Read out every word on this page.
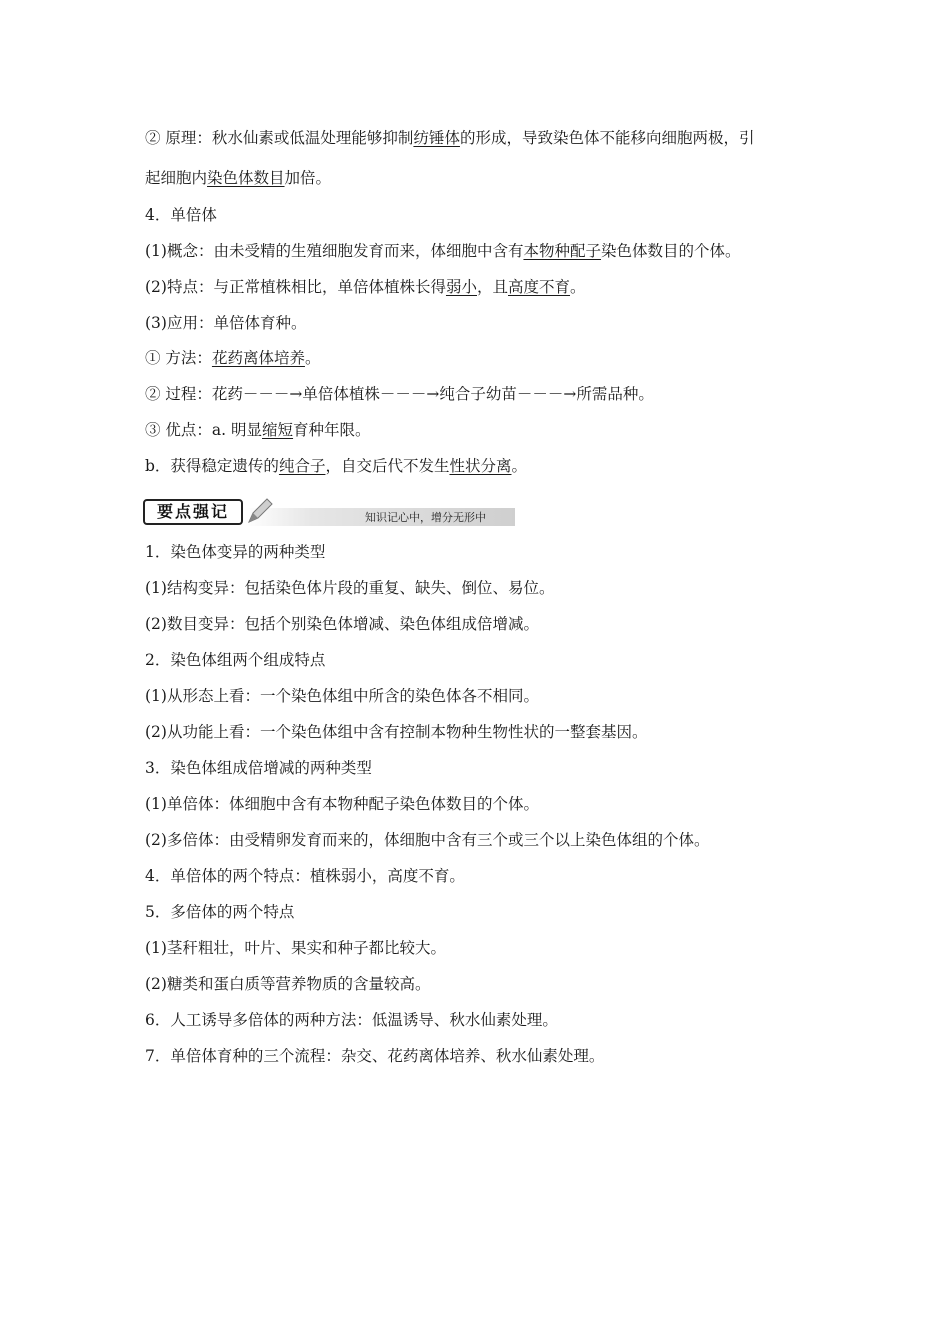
② 原理：秋水仙素或低温处理能够抑制纺锤体的形成，导致染色体不能移向细胞两极，引
起细胞内染色体数目加倍。
4．单倍体
(1)概念：由未受精的生殖细胞发育而来，体细胞中含有本物种配子染色体数目的个体。
(2)特点：与正常植株相比，单倍体植株长得弱小，且高度不育。
(3)应用：单倍体育种。
① 方法：花药离体培养。
② 过程：花药－－－→单倍体植株－－－→纯合子幼苗－－－→所需品种。
③ 优点：a. 明显缩短育种年限。
b．获得稳定遗传的纯合子，自交后代不发生性状分离。
要点强记	知识记心中，增分无形中
1．染色体变异的两种类型
(1)结构变异：包括染色体片段的重复、缺失、倒位、易位。
(2)数目变异：包括个别染色体增减、染色体组成倍增减。
2．染色体组两个组成特点
(1)从形态上看：一个染色体组中所含的染色体各不相同。
(2)从功能上看：一个染色体组中含有控制本物种生物性状的一整套基因。
3．染色体组成倍增减的两种类型
(1)单倍体：体细胞中含有本物种配子染色体数目的个体。
(2)多倍体：由受精卵发育而来的，体细胞中含有三个或三个以上染色体组的个体。
4．单倍体的两个特点：植株弱小，高度不育。
5．多倍体的两个特点
(1)茎秆粗壮，叶片、果实和种子都比较大。
(2)糖类和蛋白质等营养物质的含量较高。
6．人工诱导多倍体的两种方法：低温诱导、秋水仙素处理。
7．单倍体育种的三个流程：杂交、花药离体培养、秋水仙素处理。
